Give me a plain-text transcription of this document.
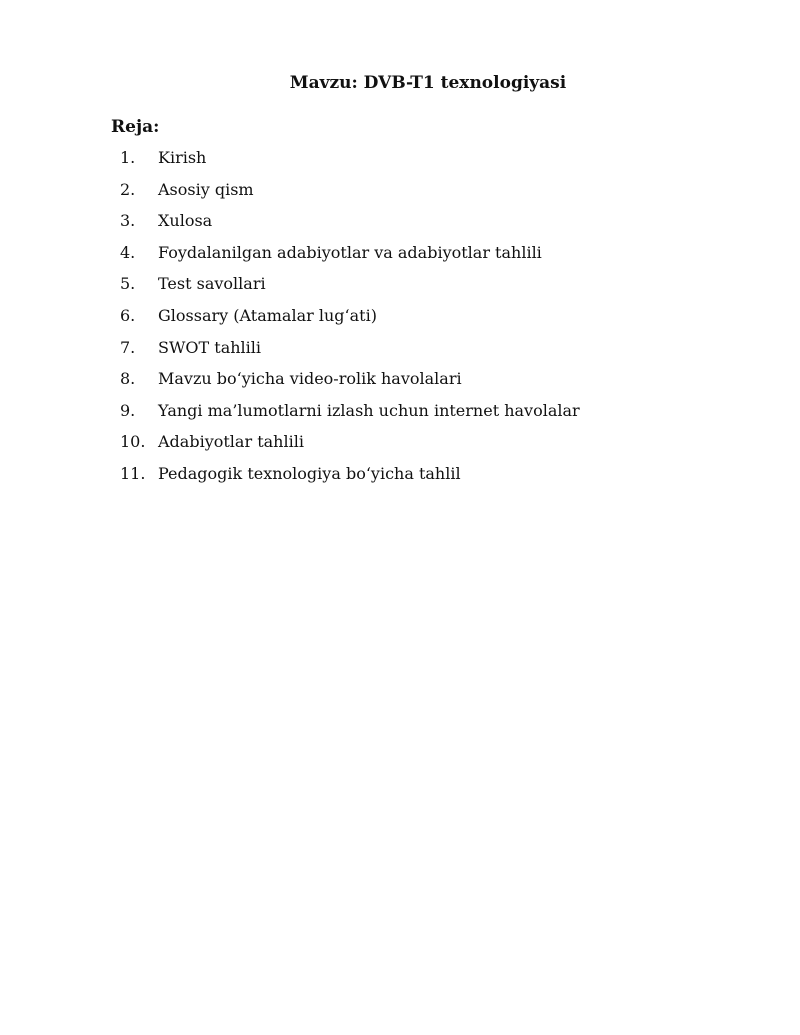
Mavzu: DVB-T1 texnologiyasi
Reja:
1. Kirish
2. Asosiy qism
3. Xulosa
4. Foydalanilgan adabiyotlar va adabiyotlar tahlili
5. Test savollari
6. Glossary (Atamalar lug‘ati)
7. SWOT tahlili
8. Mavzu bo‘yicha video-rolik havolalari
9. Yangi ma’lumotlarni izlash uchun internet havolalar
10. Adabiyotlar tahlili
11. Pedagogik texnologiya bo‘yicha tahlil
